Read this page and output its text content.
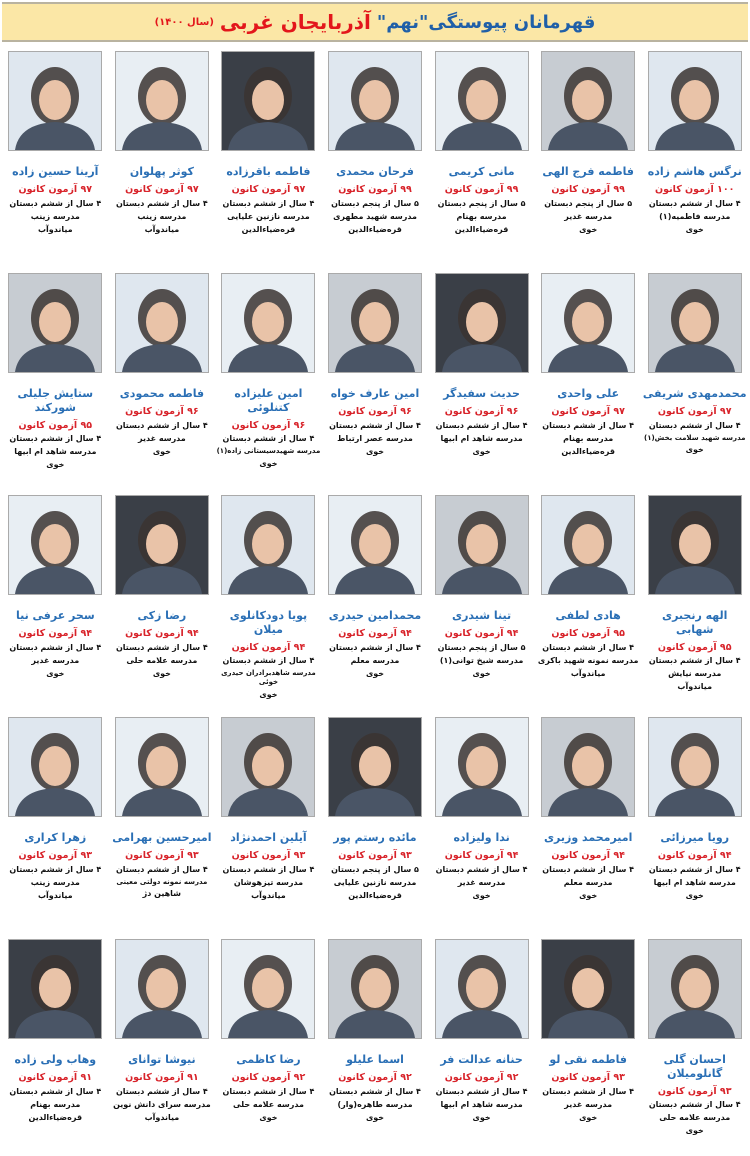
قهرمانان پیوستگی"نهم"
آذربایجان غربی
(سال ۱۴۰۰)
نرگس هاشم زاده
۱۰۰ آزمون کانون
۴ سال از ششم دبستان
مدرسه فاطمیه(۱)
خوی
فاطمه فرج الهی
۹۹ آزمون کانون
۵ سال از پنجم دبستان
مدرسه غدیر
خوی
مانی کریمی
۹۹ آزمون کانون
۵ سال از پنجم دبستان
مدرسه بهنام
قره‌ضیاءالدین
فرحان محمدی
۹۹ آزمون کانون
۵ سال از پنجم دبستان
مدرسه شهید مطهری
قره‌ضیاءالدین
فاطمه باقرزاده
۹۷ آزمون کانون
۴ سال از ششم دبستان
مدرسه نازنین علیایی
قره‌ضیاءالدین
کوثر پهلوان
۹۷ آزمون کانون
۴ سال از ششم دبستان
مدرسه زینب
میاندوآب
آرینا حسین زاده
۹۷ آزمون کانون
۴ سال از ششم دبستان
مدرسه زینب
میاندوآب
محمدمهدی شریفی
۹۷ آزمون کانون
۴ سال از ششم دبستان
مدرسه شهید سلامت بخش(۱)
خوی
علی واحدی
۹۷ آزمون کانون
۴ سال از ششم دبستان
مدرسه بهنام
قره‌ضیاءالدین
حدیث سفیدگر
۹۶ آزمون کانون
۴ سال از ششم دبستان
مدرسه شاهد ام ابیها
خوی
امین عارف خواه
۹۶ آزمون کانون
۴ سال از ششم دبستان
مدرسه عصر ارتباط
خوی
امین علیزاده کتنلوئی
۹۶ آزمون کانون
۴ سال از ششم دبستان
مدرسه شهیدسیستانی زاده(۱)
خوی
فاطمه محمودی
۹۶ آزمون کانون
۴ سال از ششم دبستان
مدرسه غدیر
خوی
ستایش جلیلی شورکند
۹۵ آزمون کانون
۴ سال از ششم دبستان
مدرسه شاهد ام ابیها
خوی
الهه رنجبری شهابی
۹۵ آزمون کانون
۴ سال از ششم دبستان
مدرسه نیایش
میاندوآب
هادی لطفی
۹۵ آزمون کانون
۴ سال از ششم دبستان
مدرسه نمونه شهید باکری
میاندوآب
تینا شیدری
۹۴ آزمون کانون
۵ سال از پنجم دبستان
مدرسه شیخ توانی(۱)
خوی
محمدامین حیدری
۹۴ آزمون کانون
۴ سال از ششم دبستان
مدرسه معلم
خوی
پویا دودکانلوی میلان
۹۴ آزمون کانون
۴ سال از ششم دبستان
مدرسه شاهدبرادران حیدری خوئی
خوی
رضا زکی
۹۴ آزمون کانون
۴ سال از ششم دبستان
مدرسه علامه حلی
خوی
سحر عرفی نیا
۹۴ آزمون کانون
۴ سال از ششم دبستان
مدرسه غدیر
خوی
رویا میرزائی
۹۴ آزمون کانون
۴ سال از ششم دبستان
مدرسه شاهد ام ابیها
خوی
امیرمحمد وزیری
۹۴ آزمون کانون
۴ سال از ششم دبستان
مدرسه معلم
خوی
ندا ولیزاده
۹۴ آزمون کانون
۴ سال از ششم دبستان
مدرسه غدیر
خوی
مائده رستم پور
۹۳ آزمون کانون
۵ سال از پنجم دبستان
مدرسه نازنین علیایی
قره‌ضیاءالدین
آیلین احمدنژاد
۹۳ آزمون کانون
۴ سال از ششم دبستان
مدرسه تیزهوشان
میاندوآب
امیرحسین بهرامی
۹۳ آزمون کانون
۴ سال از ششم دبستان
مدرسه نمونه دولتی معینی
شاهین دژ
زهرا کراری
۹۳ آزمون کانون
۴ سال از ششم دبستان
مدرسه زینب
میاندوآب
احسان گلی گانلومیلان
۹۳ آزمون کانون
۴ سال از ششم دبستان
مدرسه علامه حلی
خوی
فاطمه نقی لو
۹۳ آزمون کانون
۴ سال از ششم دبستان
مدرسه غدیر
خوی
حنانه عدالت فر
۹۲ آزمون کانون
۴ سال از ششم دبستان
مدرسه شاهد ام ابیها
خوی
اسما علیلو
۹۲ آزمون کانون
۴ سال از ششم دبستان
مدرسه طاهره(وار)
خوی
رضا کاظمی
۹۲ آزمون کانون
۴ سال از ششم دبستان
مدرسه علامه حلی
خوی
نیوشا توانای
۹۱ آزمون کانون
۴ سال از ششم دبستان
مدرسه سرای دانش نوین
میاندوآب
وهاب ولی زاده
۹۱ آزمون کانون
۴ سال از ششم دبستان
مدرسه بهنام
قره‌ضیاءالدین
